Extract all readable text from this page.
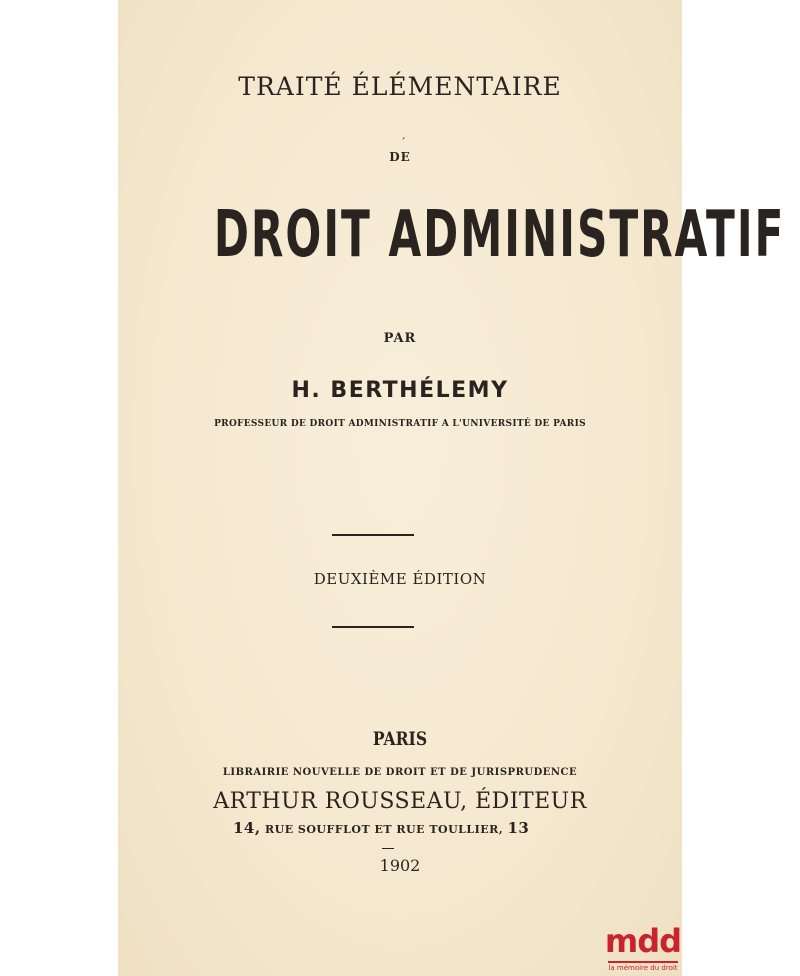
TRAITÉ ÉLÉMENTAIRE
ˊ
DE
DROIT ADMINISTRATIF
PAR
H. BERTHÉLEMY
PROFESSEUR DE DROIT ADMINISTRATIF A L'UNIVERSITÉ DE PARIS
DEUXIÈME ÉDITION
PARIS
LIBRAIRIE NOUVELLE DE DROIT ET DE JURISPRUDENCE
ARTHUR ROUSSEAU, ÉDITEUR
14, RUE SOUFFLOT ET RUE TOULLIER, 13
1902
mdd
la mémoire du droit
